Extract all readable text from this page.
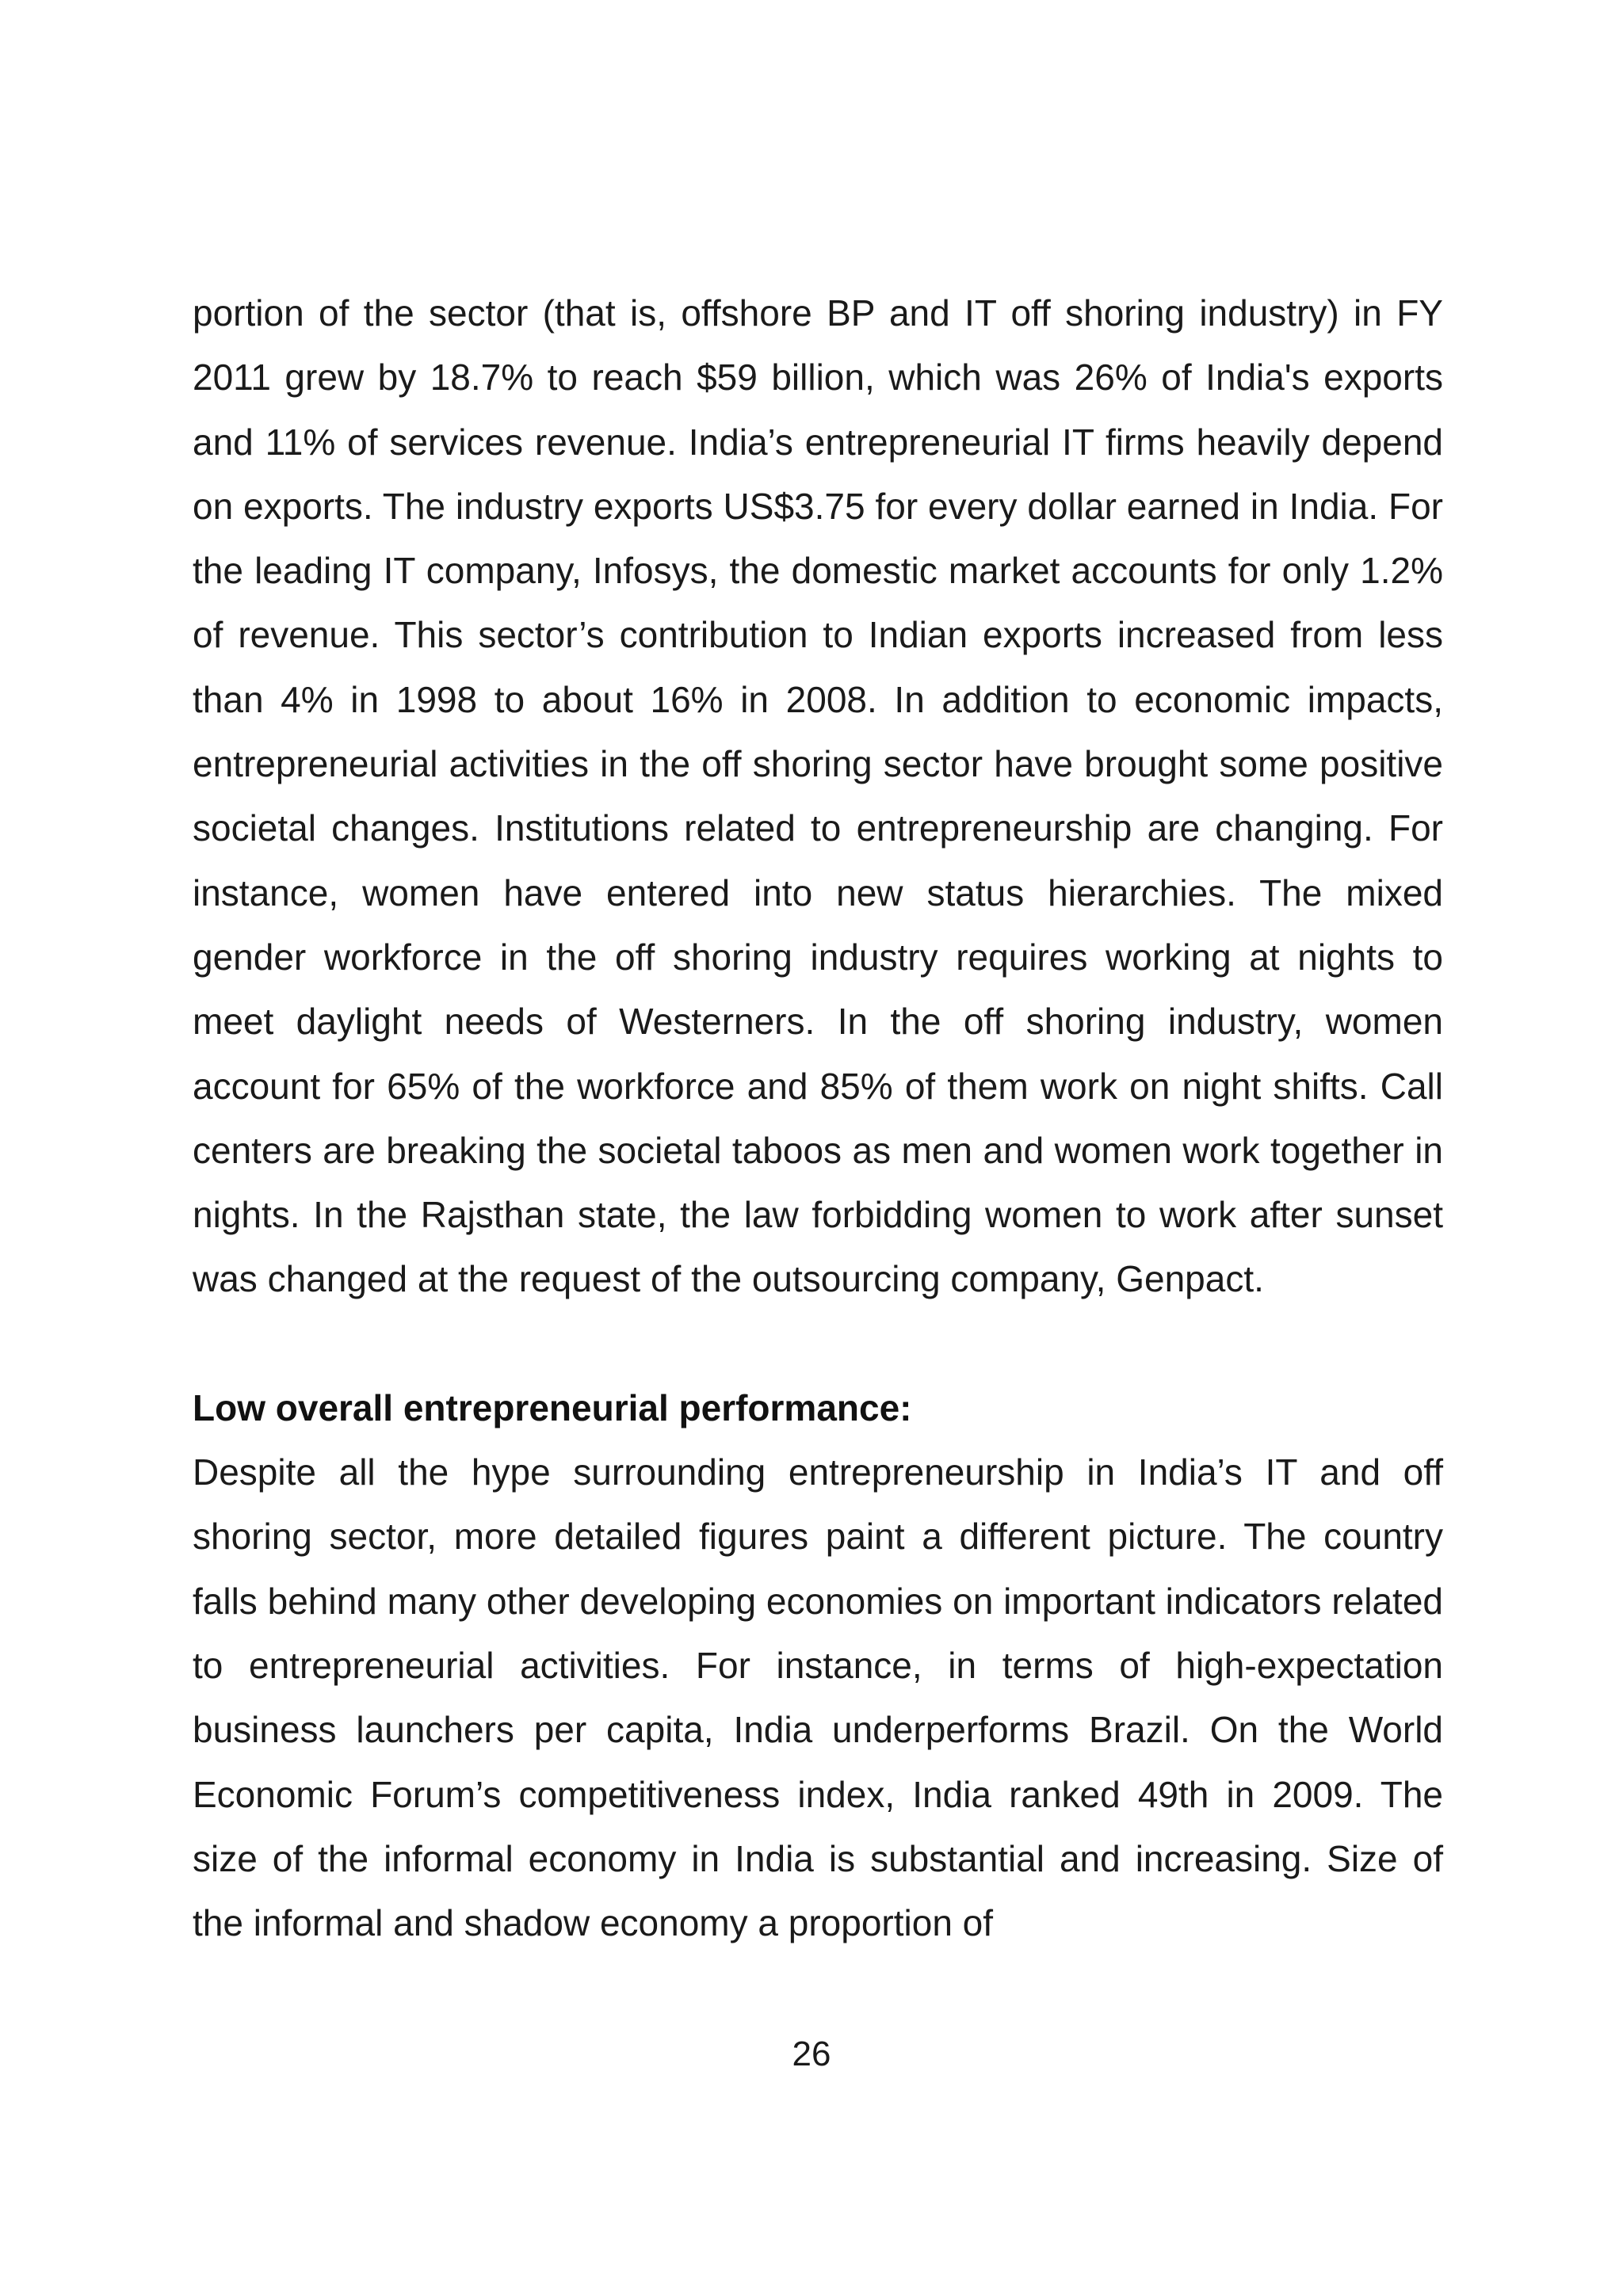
portion of the sector (that is, offshore BP and IT off shoring industry) in FY 2011 grew by 18.7% to reach $59 billion, which was 26% of India's exports and 11% of services revenue. India’s entrepreneurial IT firms heavily depend on exports. The industry exports US$3.75 for every dollar earned in India. For the leading IT company, Infosys, the domestic market accounts for only 1.2% of revenue. This sector’s contribution to Indian exports increased from less than 4% in 1998 to about 16% in 2008. In addition to economic impacts, entrepreneurial activities in the off shoring sector have brought some positive societal changes. Institutions related to entrepreneurship are changing. For instance, women have entered into new status hierarchies. The mixed gender workforce in the off shoring industry requires working at nights to meet daylight needs of Westerners. In the off shoring industry, women account for 65% of the workforce and 85% of them work on night shifts. Call centers are breaking the societal taboos as men and women work together in nights. In the Rajsthan state, the law forbidding women to work after sunset was changed at the request of the outsourcing company, Genpact.

Low overall entrepreneurial performance:

Despite all the hype surrounding entrepreneurship in India’s IT and off shoring sector, more detailed figures paint a different picture. The country falls behind many other developing economies on important indicators related to entrepreneurial activities. For instance, in terms of high-expectation business launchers per capita, India underperforms Brazil. On the World Economic Forum’s competitiveness index, India ranked 49th in 2009. The size of the informal economy in India is substantial and increasing. Size of the informal and shadow economy a proportion of

26
